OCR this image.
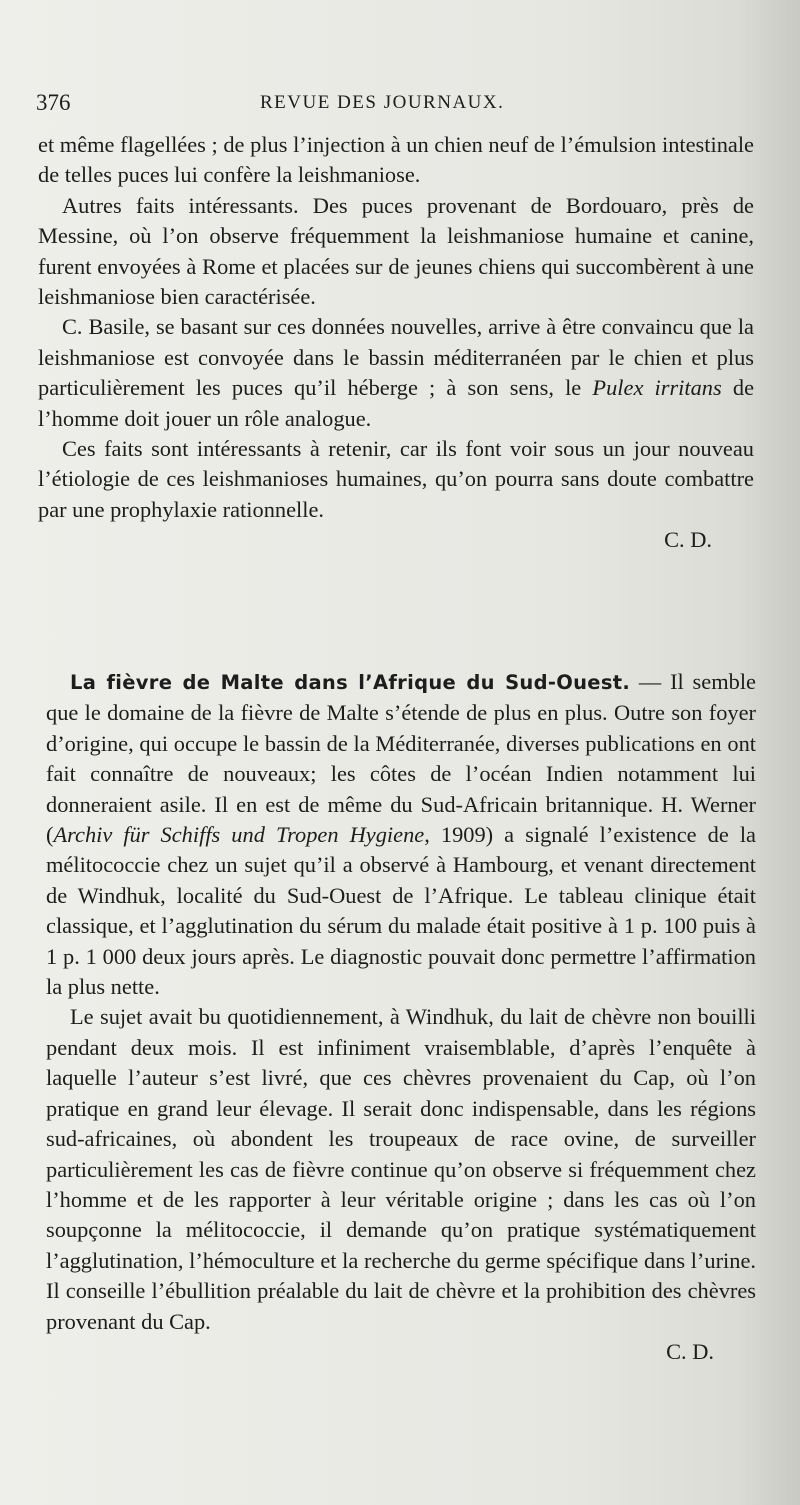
376	REVUE DES JOURNAUX.

et même flagellées ; de plus l’injection à un chien neuf de l’émulsion intestinale de telles puces lui confère la leishmaniose.

Autres faits intéressants. Des puces provenant de Bordouaro, près de Messine, où l’on observe fréquemment la leishmaniose humaine et canine, furent envoyées à Rome et placées sur de jeunes chiens qui succombèrent à une leishmaniose bien caractérisée.

C. Basile, se basant sur ces données nouvelles, arrive à être convaincu que la leishmaniose est convoyée dans le bassin méditerranéen par le chien et plus particulièrement les puces qu’il héberge ; à son sens, le Pulex irritans de l’homme doit jouer un rôle analogue.

Ces faits sont intéressants à retenir, car ils font voir sous un jour nouveau l’étiologie de ces leishmanioses humaines, qu’on pourra sans doute combattre par une prophylaxie rationnelle.

C. D.

La fièvre de Malte dans l’Afrique du Sud-Ouest. — Il semble que le domaine de la fièvre de Malte s’étende de plus en plus. Outre son foyer d’origine, qui occupe le bassin de la Méditerranée, diverses publications en ont fait connaître de nouveaux; les côtes de l’océan Indien notamment lui donneraient asile. Il en est de même du Sud-Africain britannique. H. Werner (Archiv für Schiffs und Tropen Hygiene, 1909) a signalé l’existence de la mélitococcie chez un sujet qu’il a observé à Hambourg, et venant directement de Windhuk, localité du Sud-Ouest de l’Afrique. Le tableau clinique était classique, et l’agglutination du sérum du malade était positive à 1 p. 100 puis à 1 p. 1 000 deux jours après. Le diagnostic pouvait donc permettre l’affirmation la plus nette.

Le sujet avait bu quotidiennement, à Windhuk, du lait de chèvre non bouilli pendant deux mois. Il est infiniment vraisemblable, d’après l’enquête à laquelle l’auteur s’est livré, que ces chèvres provenaient du Cap, où l’on pratique en grand leur élevage. Il serait donc indispensable, dans les régions sud-africaines, où abondent les troupeaux de race ovine, de surveiller particulièrement les cas de fièvre continue qu’on observe si fréquemment chez l’homme et de les rapporter à leur véritable origine ; dans les cas où l’on soupçonne la mélitococcie, il demande qu’on pratique systématiquement l’agglutination, l’hémoculture et la recherche du germe spécifique dans l’urine. Il conseille l’ébullition préalable du lait de chèvre et la prohibition des chèvres provenant du Cap.

C. D.
